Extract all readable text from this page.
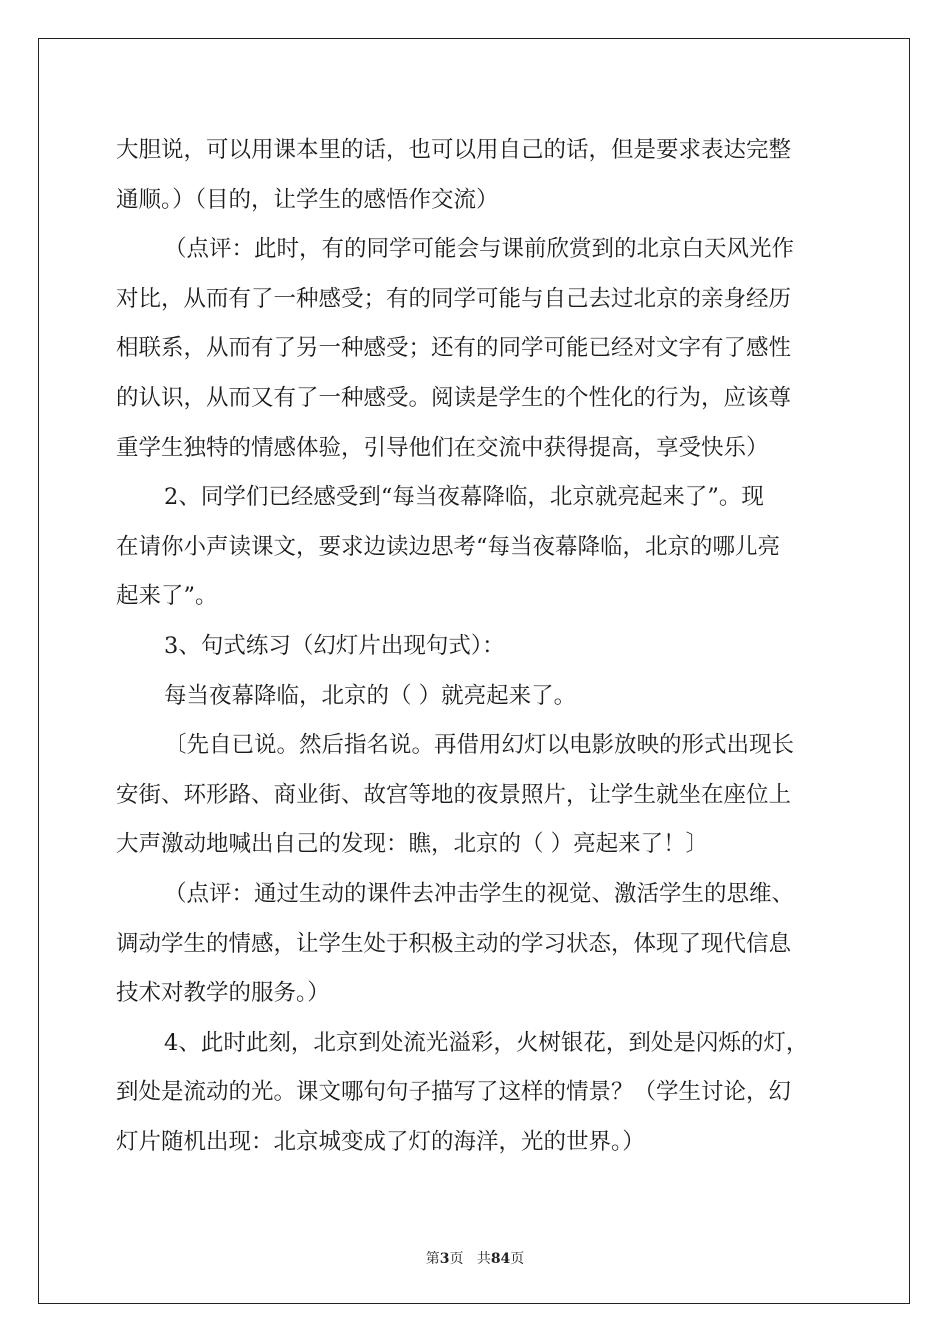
大胆说，可以用课本里的话，也可以用自己的话，但是要求表达完整
通顺。）（目的，让学生的感悟作交流）
（点评：此时，有的同学可能会与课前欣赏到的北京白天风光作
对比，从而有了一种感受；有的同学可能与自己去过北京的亲身经历
相联系，从而有了另一种感受；还有的同学可能已经对文字有了感性
的认识，从而又有了一种感受。阅读是学生的个性化的行为，应该尊
重学生独特的情感体验，引导他们在交流中获得提高，享受快乐）
2、同学们已经感受到“每当夜幕降临，北京就亮起来了”。现
在请你小声读课文，要求边读边思考“每当夜幕降临，北京的哪儿亮
起来了”。
3、句式练习（幻灯片出现句式）：
每当夜幕降临，北京的（ ）就亮起来了。
〔先自已说。然后指名说。再借用幻灯以电影放映的形式出现长
安街、环形路、商业街、故宫等地的夜景照片，让学生就坐在座位上
大声激动地喊出自己的发现：瞧，北京的（ ）亮起来了！〕
（点评：通过生动的课件去冲击学生的视觉、激活学生的思维、
调动学生的情感，让学生处于积极主动的学习状态，体现了现代信息
技术对教学的服务。）
4、此时此刻，北京到处流光溢彩，火树银花，到处是闪烁的灯，
到处是流动的光。课文哪句句子描写了这样的情景？（学生讨论，幻
灯片随机出现：北京城变成了灯的海洋，光的世界。）
第3页 共84页
